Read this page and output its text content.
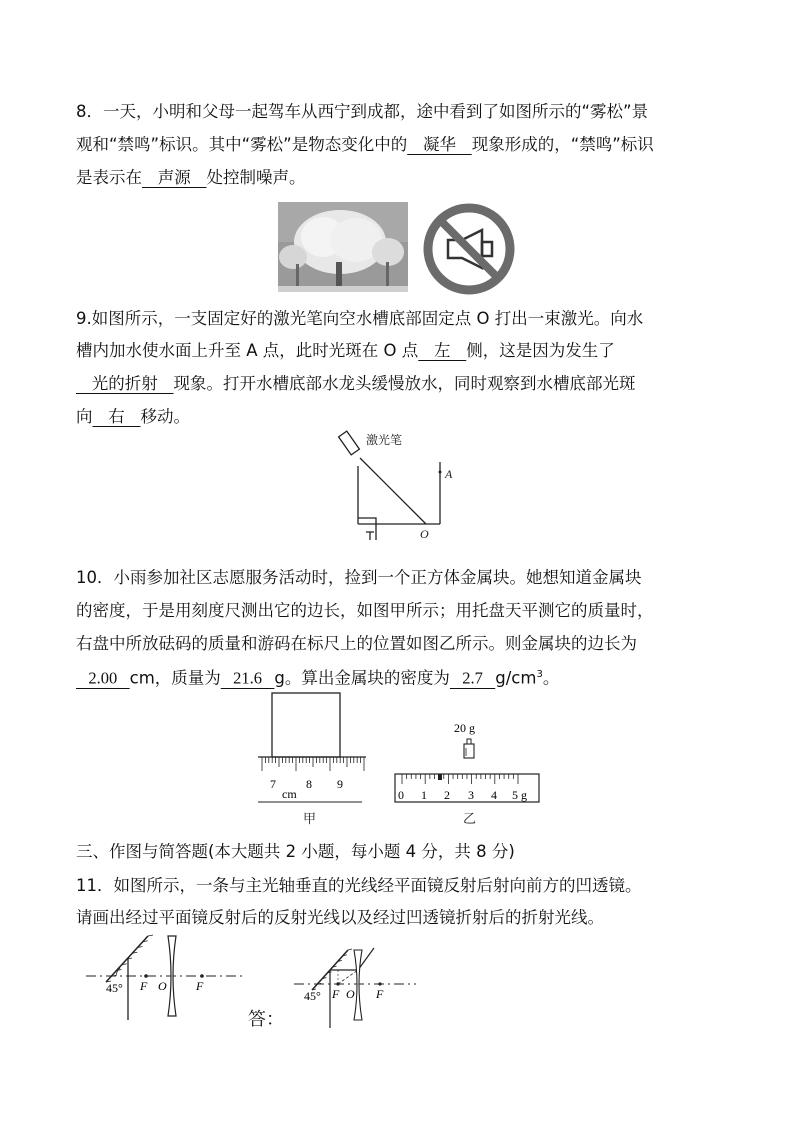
8．一天，小明和父母一起驾车从西宁到成都，途中看到了如图所示的“雾松”景
观和“禁鸣”标识。其中“雾松”是物态变化中的   凝华   现象形成的，“禁鸣”标识
是表示在   声源   处控制噪声。
9.如图所示，一支固定好的激光笔向空水槽底部固定点 O 打出一束激光。向水
槽内加水使水面上升至 A 点，此时光斑在 O 点   左   侧，这是因为发生了
光的折射   现象。打开水槽底部水龙头缓慢放水，同时观察到水槽底部光斑
向   右   移动。
激光笔
A
O
10．小雨参加社区志愿服务活动时，捡到一个正方体金属块。她想知道金属块
的密度，于是用刻度尺测出它的边长，如图甲所示；用托盘天平测它的质量时，
右盘中所放砝码的质量和游码在标尺上的位置如图乙所示。则金属块的边长为
2.00   cm，质量为   21.6   g。算出金属块的密度为   2.7   $g/cm^3$。
7	8 9
cm
甲
20 g
0 1 2 3 4 5 g
乙
三、作图与简答题(本大题共 2 小题，每小题 4 分，共 8 分)
11．如图所示，一条与主光轴垂直的光线经平面镜反射后射向前方的凹透镜。
请画出经过平面镜反射后的反射光线以及经过凹透镜折射后的折射光线。
45° F O F
答：
45° F O F
